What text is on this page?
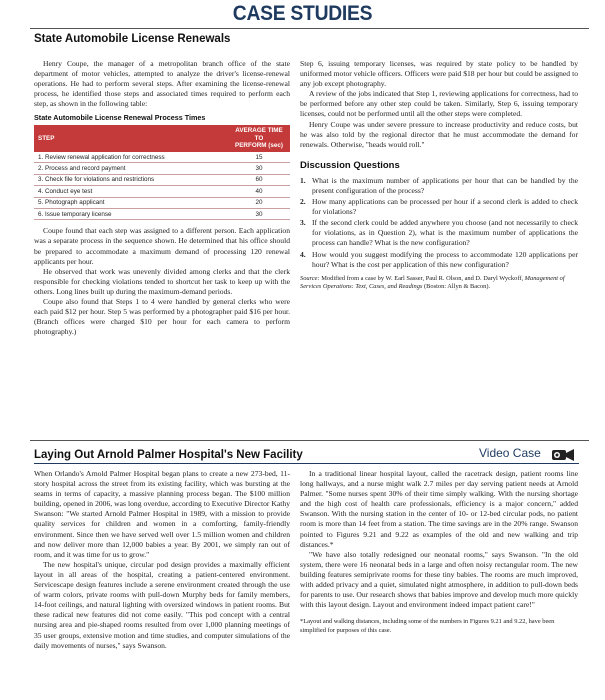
CASE STUDIES
State Automobile License Renewals

Henry Coupe, the manager of a metropolitan branch office of the state department of motor vehicles, attempted to analyze the driver's license-renewal operations. He had to perform several steps. After examining the license-renewal process, he identified those steps and associated times required to perform each step, as shown in the following table:

State Automobile License Renewal Process Times
STEP	AVERAGE TIME TO
PERFORM (sec)
1. Review renewal application for correctness	15
2. Process and record payment	30
3. Check file for violations and restrictions	60
4. Conduct eye test	40
5. Photograph applicant	20
6. Issue temporary license	30

Coupe found that each step was assigned to a different person. Each application was a separate process in the sequence shown. He determined that his office should be prepared to accommodate a maximum demand of processing 120 renewal applicants per hour.

He observed that work was unevenly divided among clerks and that the clerk responsible for checking violations tended to shortcut her task to keep up with the others. Long lines built up during the maximum-demand periods.

Coupe also found that Steps 1 to 4 were handled by general clerks who were each paid $12 per hour. Step 5 was performed by a photographer paid $16 per hour. (Branch offices were charged $10 per hour for each camera to perform photography.)

Step 6, issuing temporary licenses, was required by state policy to be handled by uniformed motor vehicle officers. Officers were paid $18 per hour but could be assigned to any job except photography.

A review of the jobs indicated that Step 1, reviewing applications for correctness, had to be performed before any other step could be taken. Similarly, Step 6, issuing temporary licenses, could not be performed until all the other steps were completed.

Henry Coupe was under severe pressure to increase productivity and reduce costs, but he was also told by the regional director that he must accommodate the demand for renewals. Otherwise, "heads would roll."

Discussion Questions
1. What is the maximum number of applications per hour that can be handled by the present configuration of the process?
2. How many applications can be processed per hour if a second clerk is added to check for violations?
3. If the second clerk could be added anywhere you choose (and not necessarily to check for violations, as in Question 2), what is the maximum number of applications the process can handle? What is the new configuration?
4. How would you suggest modifying the process to accommodate 120 applications per hour? What is the cost per application of this new configuration?
Source: Modified from a case by W. Earl Sasser, Paul R. Olson, and D. Daryl Wyckoff, Management of Services Operations: Text, Cases, and Readings (Boston: Allyn & Bacon).
Laying Out Arnold Palmer Hospital's New Facility	Video Case

When Orlando's Arnold Palmer Hospital began plans to create a new 273-bed, 11-story hospital across the street from its existing facility, which was bursting at the seams in terms of capacity, a massive planning process began. The $100 million building, opened in 2006, was long overdue, according to Executive Director Kathy Swanson: "We started Arnold Palmer Hospital in 1989, with a mission to provide quality services for children and women in a comforting, family-friendly environment. Since then we have served well over 1.5 million women and children and now deliver more than 12,000 babies a year. By 2001, we simply ran out of room, and it was time for us to grow."

The new hospital's unique, circular pod design provides a maximally efficient layout in all areas of the hospital, creating a patient-centered environment. Servicescape design features include a serene environment created through the use of warm colors, private rooms with pull-down Murphy beds for family members, 14-foot ceilings, and natural lighting with oversized windows in patient rooms. But these radical new features did not come easily. "This pod concept with a central nursing area and pie-shaped rooms resulted from over 1,000 planning meetings of 35 user groups, extensive motion and time studies, and computer simulations of the daily movements of nurses," says Swanson.

In a traditional linear hospital layout, called the racetrack design, patient rooms line long hallways, and a nurse might walk 2.7 miles per day serving patient needs at Arnold Palmer. "Some nurses spent 30% of their time simply walking. With the nursing shortage and the high cost of health care professionals, efficiency is a major concern," added Swanson. With the nursing station in the center of 10- or 12-bed circular pods, no patient room is more than 14 feet from a station. The time savings are in the 20% range. Swanson pointed to Figures 9.21 and 9.22 as examples of the old and new walking and trip distances.*

"We have also totally redesigned our neonatal rooms," says Swanson. "In the old system, there were 16 neonatal beds in a large and often noisy rectangular room. The new building features semiprivate rooms for these tiny babies. The rooms are much improved, with added privacy and a quiet, simulated night atmosphere, in addition to pull-down beds for parents to use. Our research shows that babies improve and develop much more quickly with this layout design. Layout and environment indeed impact patient care!"

*Layout and walking distances, including some of the numbers in Figures 9.21 and 9.22, have been simplified for purposes of this case.
